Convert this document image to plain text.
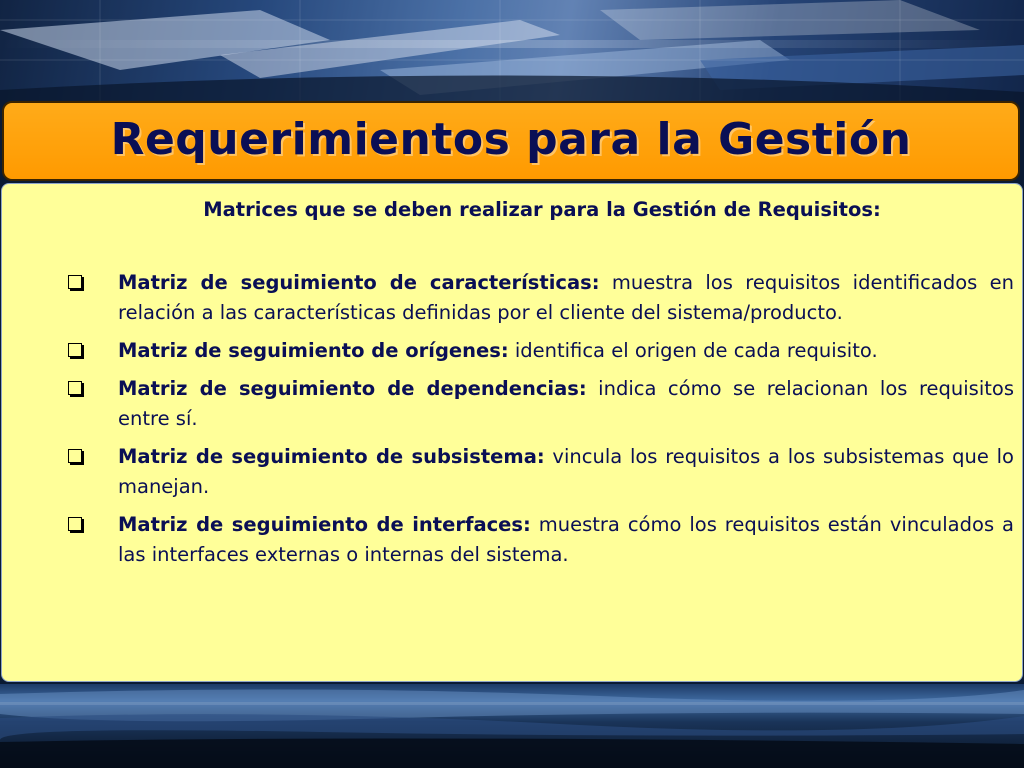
Requerimientos para la Gestión
Matrices que se deben realizar para la Gestión de Requisitos:
Matriz de seguimiento de características: muestra los requisitos identificados en relación a las características definidas por el cliente del sistema/producto.
Matriz de seguimiento de orígenes: identifica el origen de cada requisito.
Matriz de seguimiento de dependencias: indica cómo se relacionan los requisitos entre sí.
Matriz de seguimiento de subsistema: vincula los requisitos a los subsistemas que lo manejan.
Matriz de seguimiento de interfaces: muestra cómo los requisitos están vinculados a las interfaces externas o internas del sistema.
